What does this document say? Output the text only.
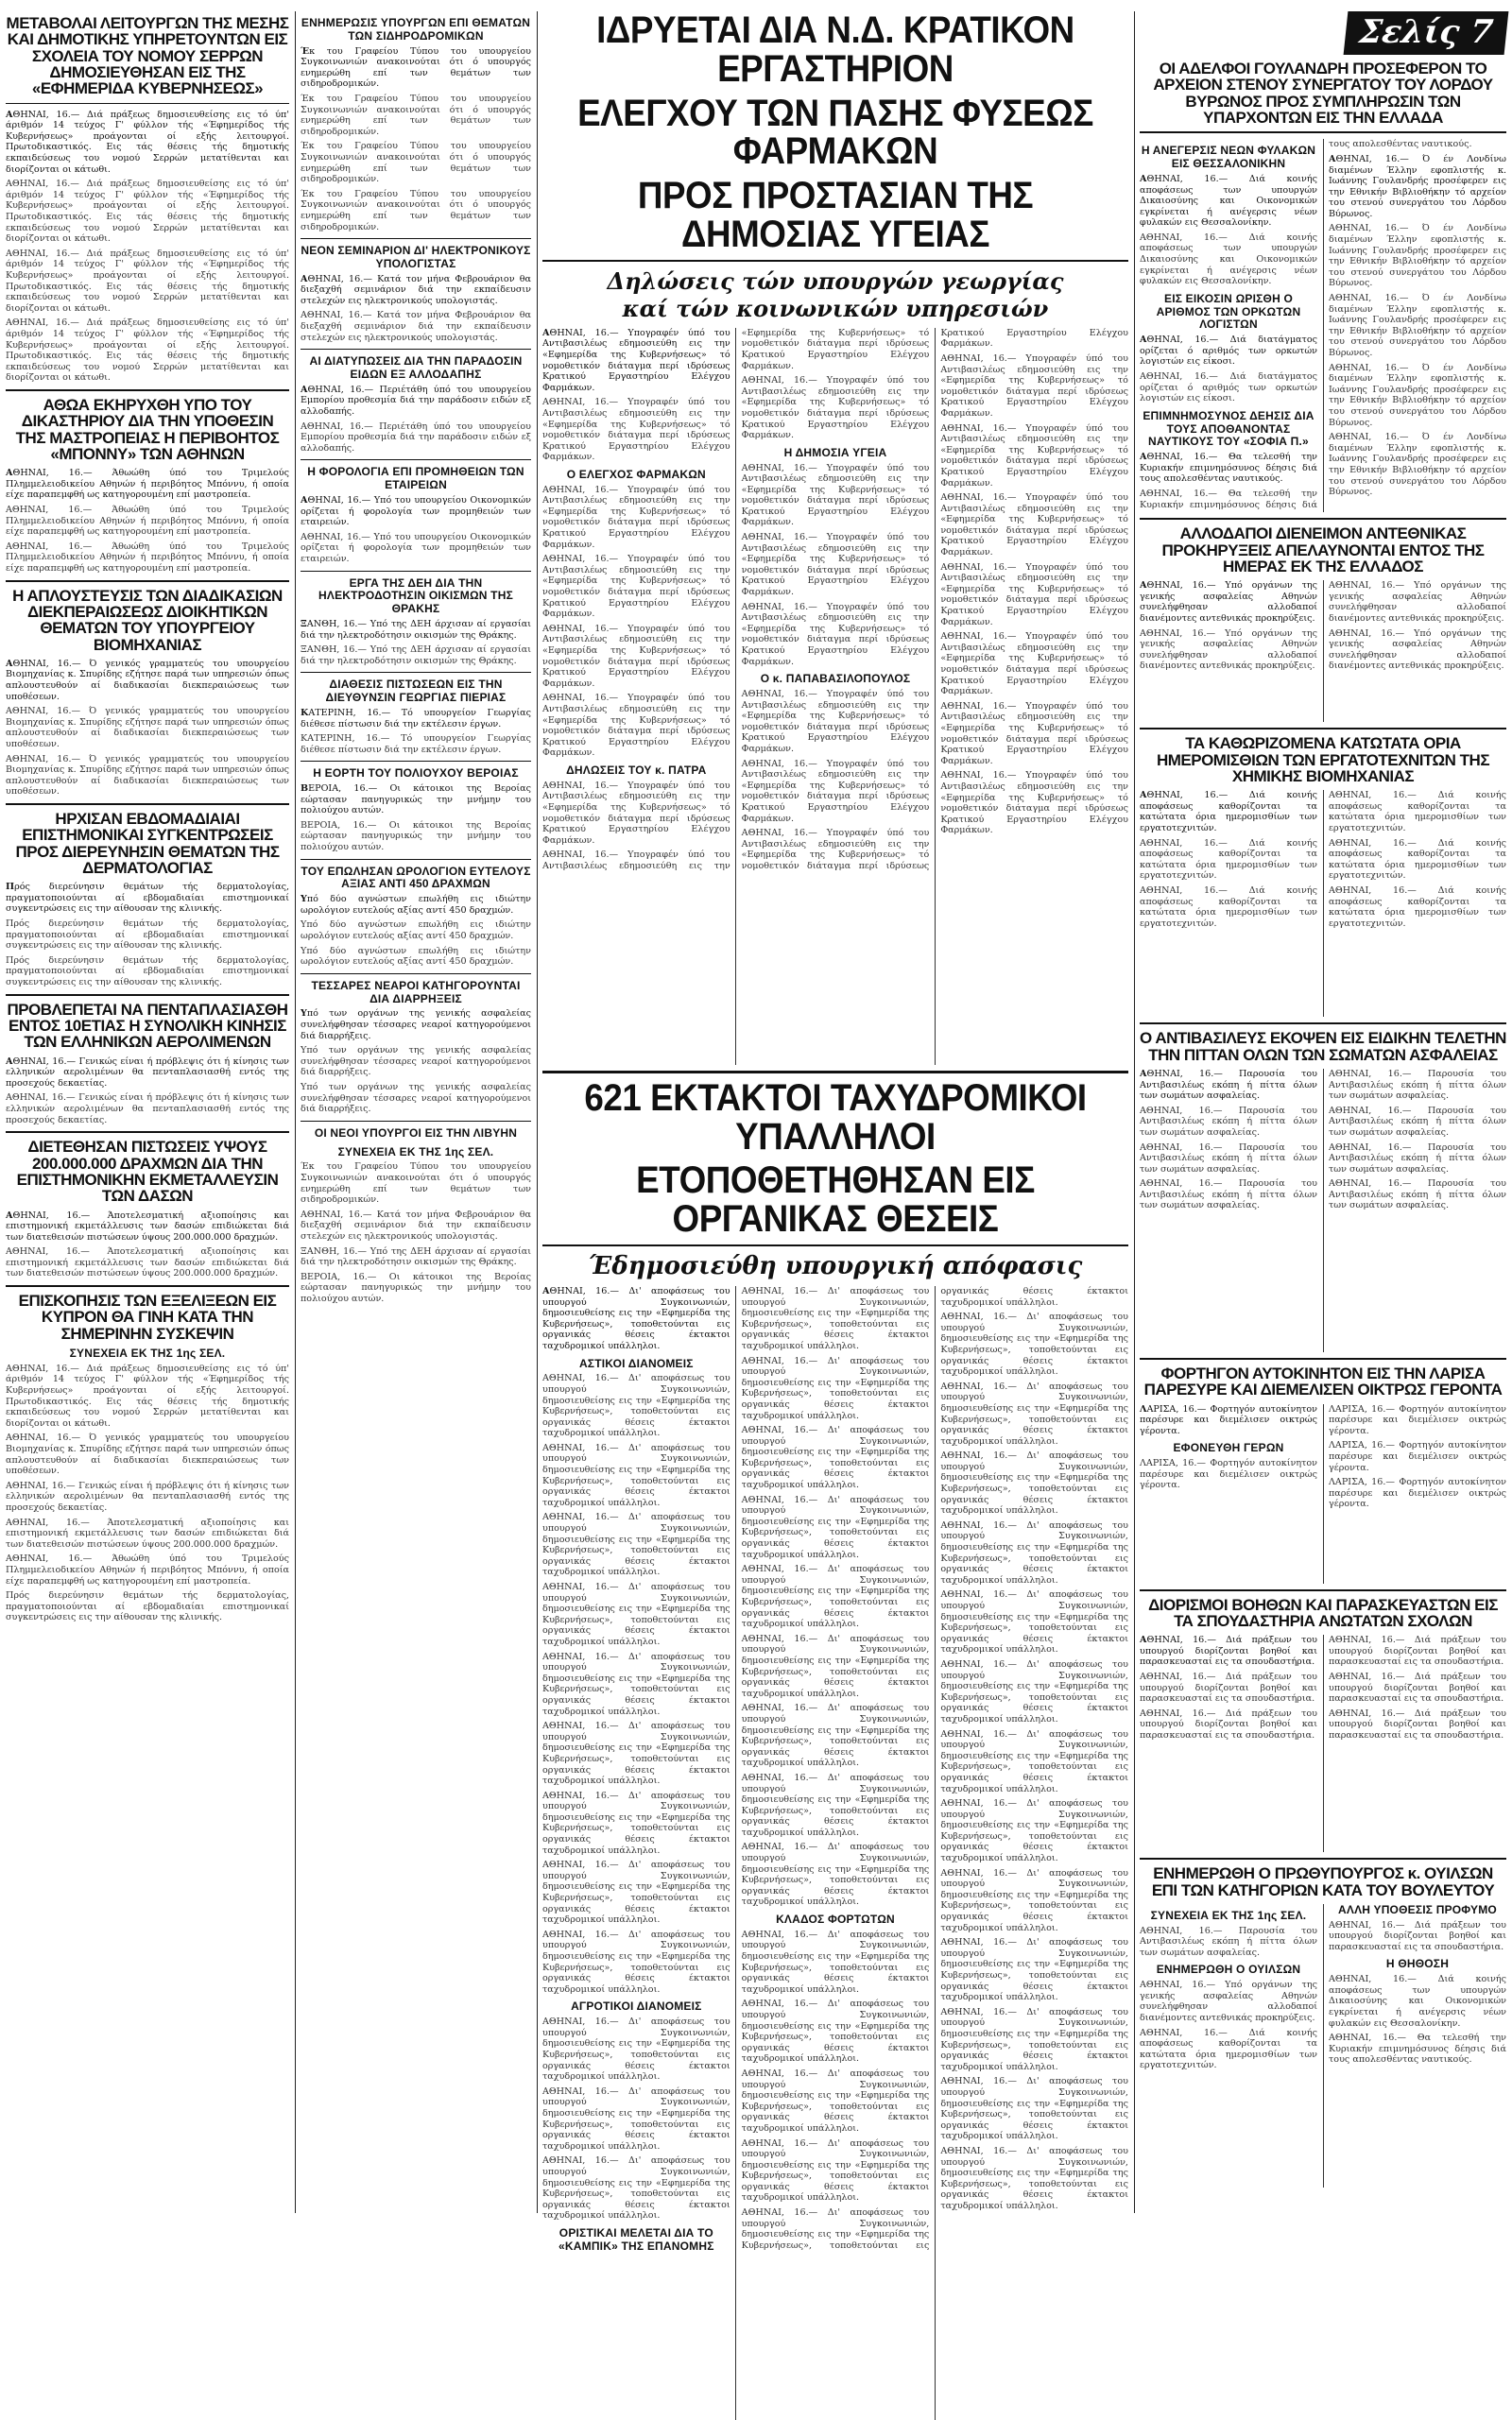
ΜΕΤΑΒΟΛΑΙ ΛΕΙΤΟΥΡΓΩΝ ΤΗΣ ΜΕΣΗΣ ΚΑΙ ΔΗΜΟΤΙΚΗΣ ΥΠΗΡΕΤΟΥΝΤΩΝ ΕΙΣ ΣΧΟΛΕΙΑ ΤΟΥ ΝΟΜΟΥ ΣΕΡΡΩΝ ΔΗΜΟΣΙΕΥΘΗΣΑΝ ΕΙΣ ΤΗΣ «ΕΦΗΜΕΡΙΔΑ ΚΥΒΕΡΝΗΣΕΩΣ»

ΑΘΗΝΑΙ, 16.— Διά πράξεως δημοσιευθείσης εις τό ύπ' άριθμόν 14 τεύχος Γ' φύλλον τής «Έφημερίδος τής Κυβερνήσεως» προάγονται οί εξής λειτουργοί. Πρωτοδικαστικός. Εις τάς θέσεις τής δημοτικής εκπαιδεύσεως του νομού Σερρών μετατίθενται και διορίζονται οι κάτωθι.

ΑΘΗΝΑΙ, 16.— Διά πράξεως δημοσιευθείσης εις τό ύπ' άριθμόν 14 τεύχος Γ' φύλλον τής «Έφημερίδος τής Κυβερνήσεως» προάγονται οί εξής λειτουργοί. Πρωτοδικαστικός. Εις τάς θέσεις τής δημοτικής εκπαιδεύσεως του νομού Σερρών μετατίθενται και διορίζονται οι κάτωθι.

ΑΘΗΝΑΙ, 16.— Διά πράξεως δημοσιευθείσης εις τό ύπ' άριθμόν 14 τεύχος Γ' φύλλον τής «Έφημερίδος τής Κυβερνήσεως» προάγονται οί εξής λειτουργοί. Πρωτοδικαστικός. Εις τάς θέσεις τής δημοτικής εκπαιδεύσεως του νομού Σερρών μετατίθενται και διορίζονται οι κάτωθι.

ΑΘΗΝΑΙ, 16.— Διά πράξεως δημοσιευθείσης εις τό ύπ' άριθμόν 14 τεύχος Γ' φύλλον τής «Έφημερίδος τής Κυβερνήσεως» προάγονται οί εξής λειτουργοί. Πρωτοδικαστικός. Εις τάς θέσεις τής δημοτικής εκπαιδεύσεως του νομού Σερρών μετατίθενται και διορίζονται οι κάτωθι.

ΑΘΩΑ ΕΚΗΡΥΧΘΗ ΥΠΟ ΤΟΥ ΔΙΚΑΣΤΗΡΙΟΥ ΔΙΑ ΤΗΝ ΥΠΟΘΕΣΙΝ ΤΗΣ ΜΑΣΤΡΟΠΕΙΑΣ Η ΠΕΡΙΒΟΗΤΟΣ «ΜΠΟΝΝΥ» ΤΩΝ ΑΘΗΝΩΝ

ΑΘΗΝΑΙ, 16.— Άθωώθη ύπό του Τριμελούς Πλημμελειοδικείου Αθηνών ή περιβόητος Μπόννυ, ή οποία είχε παραπεμφθή ως κατηγορουμένη επί μαστροπεία.

ΑΘΗΝΑΙ, 16.— Άθωώθη ύπό του Τριμελούς Πλημμελειοδικείου Αθηνών ή περιβόητος Μπόννυ, ή οποία είχε παραπεμφθή ως κατηγορουμένη επί μαστροπεία.

ΑΘΗΝΑΙ, 16.— Άθωώθη ύπό του Τριμελούς Πλημμελειοδικείου Αθηνών ή περιβόητος Μπόννυ, ή οποία είχε παραπεμφθή ως κατηγορουμένη επί μαστροπεία.

Η ΑΠΛΟΥΣΤΕΥΣΙΣ ΤΩΝ ΔΙΑΔΙΚΑΣΙΩΝ ΔΙΕΚΠΕΡΑΙΩΣΕΩΣ ΔΙΟΙΚΗΤΙΚΩΝ ΘΕΜΑΤΩΝ ΤΟΥ ΥΠΟΥΡΓΕΙΟΥ ΒΙΟΜΗΧΑΝΙΑΣ

ΑΘΗΝΑΙ, 16.— Ό γενικός γραμματεύς του υπουργείου Βιομηχανίας κ. Σπυρίδης εζήτησε παρά των υπηρεσιών όπως απλουστευθούν αί διαδικασίαι διεκπεραιώσεως των υποθέσεων.

ΑΘΗΝΑΙ, 16.— Ό γενικός γραμματεύς του υπουργείου Βιομηχανίας κ. Σπυρίδης εζήτησε παρά των υπηρεσιών όπως απλουστευθούν αί διαδικασίαι διεκπεραιώσεως των υποθέσεων.

ΑΘΗΝΑΙ, 16.— Ό γενικός γραμματεύς του υπουργείου Βιομηχανίας κ. Σπυρίδης εζήτησε παρά των υπηρεσιών όπως απλουστευθούν αί διαδικασίαι διεκπεραιώσεως των υποθέσεων.

ΗΡΧΙΣΑΝ ΕΒΔΟΜΑΔΙΑΙΑΙ ΕΠΙΣΤΗΜΟΝΙΚΑΙ ΣΥΓΚΕΝΤΡΩΣΕΙΣ ΠΡΟΣ ΔΙΕΡΕΥΝΗΣΙΝ ΘΕΜΑΤΩΝ ΤΗΣ ΔΕΡΜΑΤΟΛΟΓΙΑΣ

Πρός διερεύνησιν θεμάτων τής δερματολογίας, πραγματοποιούνται αί εβδομαδιαίαι επιστημονικαί συγκεντρώσεις εις την αίθουσαν της κλινικής.

Πρός διερεύνησιν θεμάτων τής δερματολογίας, πραγματοποιούνται αί εβδομαδιαίαι επιστημονικαί συγκεντρώσεις εις την αίθουσαν της κλινικής.

Πρός διερεύνησιν θεμάτων τής δερματολογίας, πραγματοποιούνται αί εβδομαδιαίαι επιστημονικαί συγκεντρώσεις εις την αίθουσαν της κλινικής.

ΠΡΟΒΛΕΠΕΤΑΙ ΝΑ ΠΕΝΤΑΠΛΑΣΙΑΣΘΗ ΕΝΤΟΣ 10ΕΤΙΑΣ Η ΣΥΝΟΛΙΚΗ ΚΙΝΗΣΙΣ ΤΩΝ ΕΛΛΗΝΙΚΩΝ ΑΕΡΟΛΙΜΕΝΩΝ

ΑΘΗΝΑΙ, 16.— Γενικώς είναι ή πρόβλεψις ότι ή κίνησις των ελληνικών αερολιμένων θα πενταπλασιασθή εντός της προσεχούς δεκαετίας.

ΑΘΗΝΑΙ, 16.— Γενικώς είναι ή πρόβλεψις ότι ή κίνησις των ελληνικών αερολιμένων θα πενταπλασιασθή εντός της προσεχούς δεκαετίας.

ΔΙΕΤΕΘΗΣΑΝ ΠΙΣΤΩΣΕΙΣ ΥΨΟΥΣ 200.000.000 ΔΡΑΧΜΩΝ ΔΙΑ ΤΗΝ ΕΠΙΣΤΗΜΟΝΙΚΗΝ ΕΚΜΕΤΑΛΛΕΥΣΙΝ ΤΩΝ ΔΑΣΩΝ

ΑΘΗΝΑΙ, 16.— Άποτελεσματική αξιοποίησις και επιστημονική εκμετάλλευσις των δασών επιδιώκεται διά των διατεθεισών πιστώσεων ύψους 200.000.000 δραχμών.

ΑΘΗΝΑΙ, 16.— Άποτελεσματική αξιοποίησις και επιστημονική εκμετάλλευσις των δασών επιδιώκεται διά των διατεθεισών πιστώσεων ύψους 200.000.000 δραχμών.

ΕΠΙΣΚΟΠΗΣΙΣ ΤΩΝ ΕΞΕΛΙΞΕΩΝ ΕΙΣ ΚΥΠΡΟΝ ΘΑ ΓΙΝΗ ΚΑΤΑ ΤΗΝ ΣΗΜΕΡΙΝΗΝ ΣΥΣΚΕΨΙΝ
ΣΥΝΕΧΕΙΑ ΕΚ ΤΗΣ 1ης ΣΕΛ.

ΑΘΗΝΑΙ, 16.— Διά πράξεως δημοσιευθείσης εις τό ύπ' άριθμόν 14 τεύχος Γ' φύλλον τής «Έφημερίδος τής Κυβερνήσεως» προάγονται οί εξής λειτουργοί. Πρωτοδικαστικός. Εις τάς θέσεις τής δημοτικής εκπαιδεύσεως του νομού Σερρών μετατίθενται και διορίζονται οι κάτωθι.

ΑΘΗΝΑΙ, 16.— Ό γενικός γραμματεύς του υπουργείου Βιομηχανίας κ. Σπυρίδης εζήτησε παρά των υπηρεσιών όπως απλουστευθούν αί διαδικασίαι διεκπεραιώσεως των υποθέσεων.

ΑΘΗΝΑΙ, 16.— Γενικώς είναι ή πρόβλεψις ότι ή κίνησις των ελληνικών αερολιμένων θα πενταπλασιασθή εντός της προσεχούς δεκαετίας.

ΑΘΗΝΑΙ, 16.— Άποτελεσματική αξιοποίησις και επιστημονική εκμετάλλευσις των δασών επιδιώκεται διά των διατεθεισών πιστώσεων ύψους 200.000.000 δραχμών.

ΑΘΗΝΑΙ, 16.— Άθωώθη ύπό του Τριμελούς Πλημμελειοδικείου Αθηνών ή περιβόητος Μπόννυ, ή οποία είχε παραπεμφθή ως κατηγορουμένη επί μαστροπεία.

Πρός διερεύνησιν θεμάτων τής δερματολογίας, πραγματοποιούνται αί εβδομαδιαίαι επιστημονικαί συγκεντρώσεις εις την αίθουσαν της κλινικής.

ΕΝΗΜΕΡΩΣΙΣ ΥΠΟΥΡΓΩΝ ΕΠΙ ΘΕΜΑΤΩΝ ΤΩΝ ΣΙΔΗΡΟΔΡΟΜΙΚΩΝ

Έκ του Γραφείου Τύπου του υπουργείου Συγκοινωνιών ανακοινούται ότι ό υπουργός ενημερώθη επί των θεμάτων των σιδηροδρομικών.

Έκ του Γραφείου Τύπου του υπουργείου Συγκοινωνιών ανακοινούται ότι ό υπουργός ενημερώθη επί των θεμάτων των σιδηροδρομικών.

Έκ του Γραφείου Τύπου του υπουργείου Συγκοινωνιών ανακοινούται ότι ό υπουργός ενημερώθη επί των θεμάτων των σιδηροδρομικών.

Έκ του Γραφείου Τύπου του υπουργείου Συγκοινωνιών ανακοινούται ότι ό υπουργός ενημερώθη επί των θεμάτων των σιδηροδρομικών.

ΝΕΟΝ ΣΕΜΙΝΑΡΙΟΝ ΔΙ' ΗΛΕΚΤΡΟΝΙΚΟΥΣ ΥΠΟΛΟΓΙΣΤΑΣ

ΑΘΗΝΑΙ, 16.— Κατά τον μήνα Φεβρουάριον θα διεξαχθή σεμινάριον διά την εκπαίδευσιν στελεχών εις ηλεκτρονικούς υπολογιστάς.

ΑΘΗΝΑΙ, 16.— Κατά τον μήνα Φεβρουάριον θα διεξαχθή σεμινάριον διά την εκπαίδευσιν στελεχών εις ηλεκτρονικούς υπολογιστάς.

ΑΙ ΔΙΑΤΥΠΩΣΕΙΣ ΔΙΑ ΤΗΝ ΠΑΡΑΔΟΣΙΝ ΕΙΔΩΝ ΕΞ ΑΛΛΟΔΑΠΗΣ

ΑΘΗΝΑΙ, 16.— Περιέτάθη ύπό του υπουργείου Εμπορίου προθεσμία διά την παράδοσιν ειδών εξ αλλοδαπής.

ΑΘΗΝΑΙ, 16.— Περιέτάθη ύπό του υπουργείου Εμπορίου προθεσμία διά την παράδοσιν ειδών εξ αλλοδαπής.

Η ΦΟΡΟΛΟΓΙΑ ΕΠΙ ΠΡΟΜΗΘΕΙΩΝ ΤΩΝ ΕΤΑΙΡΕΙΩΝ

ΑΘΗΝΑΙ, 16.— Υπό του υπουργείου Οικονομικών ορίζεται ή φορολογία των προμηθειών των εταιρειών.

ΑΘΗΝΑΙ, 16.— Υπό του υπουργείου Οικονομικών ορίζεται ή φορολογία των προμηθειών των εταιρειών.

ΕΡΓΑ ΤΗΣ ΔΕΗ ΔΙΑ ΤΗΝ ΗΛΕΚΤΡΟΔΟΤΗΣΙΝ ΟΙΚΙΣΜΩΝ ΤΗΣ ΘΡΑΚΗΣ

ΞΑΝΘΗ, 16.— Υπό της ΔΕΗ άρχισαν αί εργασίαι διά την ηλεκτροδότησιν οικισμών της Θράκης.

ΞΑΝΘΗ, 16.— Υπό της ΔΕΗ άρχισαν αί εργασίαι διά την ηλεκτροδότησιν οικισμών της Θράκης.

ΔΙΑΘΕΣΙΣ ΠΙΣΤΩΣΕΩΝ ΕΙΣ ΤΗΝ ΔΙΕΥΘΥΝΣΙΝ ΓΕΩΡΓΙΑΣ ΠΙΕΡΙΑΣ

ΚΑΤΕΡΙΝΗ, 16.— Τό υπουργείον Γεωργίας διέθεσε πίστωσιν διά την εκτέλεσιν έργων.

ΚΑΤΕΡΙΝΗ, 16.— Τό υπουργείον Γεωργίας διέθεσε πίστωσιν διά την εκτέλεσιν έργων.

Η ΕΟΡΤΗ ΤΟΥ ΠΟΛΙΟΥΧΟΥ ΒΕΡΟΙΑΣ

ΒΕΡΟΙΑ, 16.— Οι κάτοικοι της Βεροίας εώρτασαν πανηγυρικώς την μνήμην του πολιούχου αυτών.

ΒΕΡΟΙΑ, 16.— Οι κάτοικοι της Βεροίας εώρτασαν πανηγυρικώς την μνήμην του πολιούχου αυτών.

ΤΟΥ ΕΠΩΛΗΣΑΝ ΩΡΟΛΟΓΙΟΝ ΕΥΤΕΛΟΥΣ ΑΞΙΑΣ ΑΝΤΙ 450 ΔΡΑΧΜΩΝ

Υπό δύο αγνώστων επωλήθη εις ιδιώτην ωρολόγιον ευτελούς αξίας αντί 450 δραχμών.

Υπό δύο αγνώστων επωλήθη εις ιδιώτην ωρολόγιον ευτελούς αξίας αντί 450 δραχμών.

Υπό δύο αγνώστων επωλήθη εις ιδιώτην ωρολόγιον ευτελούς αξίας αντί 450 δραχμών.

ΤΕΣΣΑΡΕΣ ΝΕΑΡΟΙ ΚΑΤΗΓΟΡΟΥΝΤΑΙ ΔΙΑ ΔΙΑΡΡΗΞΕΙΣ

Υπό των οργάνων της γενικής ασφαλείας συνελήφθησαν τέσσαρες νεαροί κατηγορούμενοι διά διαρρήξεις.

Υπό των οργάνων της γενικής ασφαλείας συνελήφθησαν τέσσαρες νεαροί κατηγορούμενοι διά διαρρήξεις.

Υπό των οργάνων της γενικής ασφαλείας συνελήφθησαν τέσσαρες νεαροί κατηγορούμενοι διά διαρρήξεις.

ΟΙ ΝΕΟΙ ΥΠΟΥΡΓΟΙ ΕΙΣ ΤΗΝ ΛΙΒΥΗΝ
ΣΥΝΕΧΕΙΑ ΕΚ ΤΗΣ 1ης ΣΕΛ.

Έκ του Γραφείου Τύπου του υπουργείου Συγκοινωνιών ανακοινούται ότι ό υπουργός ενημερώθη επί των θεμάτων των σιδηροδρομικών.

ΑΘΗΝΑΙ, 16.— Κατά τον μήνα Φεβρουάριον θα διεξαχθή σεμινάριον διά την εκπαίδευσιν στελεχών εις ηλεκτρονικούς υπολογιστάς.

ΞΑΝΘΗ, 16.— Υπό της ΔΕΗ άρχισαν αί εργασίαι διά την ηλεκτροδότησιν οικισμών της Θράκης.

ΒΕΡΟΙΑ, 16.— Οι κάτοικοι της Βεροίας εώρτασαν πανηγυρικώς την μνήμην του πολιούχου αυτών.

ΙΔΡΥΕΤΑΙ ΔΙΑ Ν.Δ. ΚΡΑΤΙΚΟΝ ΕΡΓΑΣΤΗΡΙΟΝ
ΕΛΕΓΧΟΥ ΤΩΝ ΠΑΣΗΣ ΦΥΣΕΩΣ ΦΑΡΜΑΚΩΝ
ΠΡΟΣ ΠΡΟΣΤΑΣΙΑΝ ΤΗΣ ΔΗΜΟΣΙΑΣ ΥΓΕΙΑΣ
Δηλώσεις τών υπουργών γεωργίας
καί τών κοινωνικών υπηρεσιών

ΑΘΗΝΑΙ, 16.— Υπογραφέν ύπό του Αντιβασιλέως εδημοσιεύθη εις την «Εφημερίδα της Κυβερνήσεως» τό νομοθετικόν διάταγμα περί ιδρύσεως Κρατικού Εργαστηρίου Ελέγχου Φαρμάκων.

ΑΘΗΝΑΙ, 16.— Υπογραφέν ύπό του Αντιβασιλέως εδημοσιεύθη εις την «Εφημερίδα της Κυβερνήσεως» τό νομοθετικόν διάταγμα περί ιδρύσεως Κρατικού Εργαστηρίου Ελέγχου Φαρμάκων.

Ο ΕΛΕΓΧΟΣ ΦΑΡΜΑΚΩΝ

ΑΘΗΝΑΙ, 16.— Υπογραφέν ύπό του Αντιβασιλέως εδημοσιεύθη εις την «Εφημερίδα της Κυβερνήσεως» τό νομοθετικόν διάταγμα περί ιδρύσεως Κρατικού Εργαστηρίου Ελέγχου Φαρμάκων.

ΑΘΗΝΑΙ, 16.— Υπογραφέν ύπό του Αντιβασιλέως εδημοσιεύθη εις την «Εφημερίδα της Κυβερνήσεως» τό νομοθετικόν διάταγμα περί ιδρύσεως Κρατικού Εργαστηρίου Ελέγχου Φαρμάκων.

ΑΘΗΝΑΙ, 16.— Υπογραφέν ύπό του Αντιβασιλέως εδημοσιεύθη εις την «Εφημερίδα της Κυβερνήσεως» τό νομοθετικόν διάταγμα περί ιδρύσεως Κρατικού Εργαστηρίου Ελέγχου Φαρμάκων.

ΑΘΗΝΑΙ, 16.— Υπογραφέν ύπό του Αντιβασιλέως εδημοσιεύθη εις την «Εφημερίδα της Κυβερνήσεως» τό νομοθετικόν διάταγμα περί ιδρύσεως Κρατικού Εργαστηρίου Ελέγχου Φαρμάκων.

ΔΗΛΩΣΕΙΣ ΤΟΥ κ. ΠΑΤΡΑ

ΑΘΗΝΑΙ, 16.— Υπογραφέν ύπό του Αντιβασιλέως εδημοσιεύθη εις την «Εφημερίδα της Κυβερνήσεως» τό νομοθετικόν διάταγμα περί ιδρύσεως Κρατικού Εργαστηρίου Ελέγχου Φαρμάκων.

ΑΘΗΝΑΙ, 16.— Υπογραφέν ύπό του Αντιβασιλέως εδημοσιεύθη εις την «Εφημερίδα της Κυβερνήσεως» τό νομοθετικόν διάταγμα περί ιδρύσεως Κρατικού Εργαστηρίου Ελέγχου Φαρμάκων.

ΑΘΗΝΑΙ, 16.— Υπογραφέν ύπό του Αντιβασιλέως εδημοσιεύθη εις την «Εφημερίδα της Κυβερνήσεως» τό νομοθετικόν διάταγμα περί ιδρύσεως Κρατικού Εργαστηρίου Ελέγχου Φαρμάκων.

Η ΔΗΜΟΣΙΑ ΥΓΕΙΑ

ΑΘΗΝΑΙ, 16.— Υπογραφέν ύπό του Αντιβασιλέως εδημοσιεύθη εις την «Εφημερίδα της Κυβερνήσεως» τό νομοθετικόν διάταγμα περί ιδρύσεως Κρατικού Εργαστηρίου Ελέγχου Φαρμάκων.

ΑΘΗΝΑΙ, 16.— Υπογραφέν ύπό του Αντιβασιλέως εδημοσιεύθη εις την «Εφημερίδα της Κυβερνήσεως» τό νομοθετικόν διάταγμα περί ιδρύσεως Κρατικού Εργαστηρίου Ελέγχου Φαρμάκων.

ΑΘΗΝΑΙ, 16.— Υπογραφέν ύπό του Αντιβασιλέως εδημοσιεύθη εις την «Εφημερίδα της Κυβερνήσεως» τό νομοθετικόν διάταγμα περί ιδρύσεως Κρατικού Εργαστηρίου Ελέγχου Φαρμάκων.

Ο κ. ΠΑΠΑΒΑΣΙΛΟΠΟΥΛΟΣ

ΑΘΗΝΑΙ, 16.— Υπογραφέν ύπό του Αντιβασιλέως εδημοσιεύθη εις την «Εφημερίδα της Κυβερνήσεως» τό νομοθετικόν διάταγμα περί ιδρύσεως Κρατικού Εργαστηρίου Ελέγχου Φαρμάκων.

ΑΘΗΝΑΙ, 16.— Υπογραφέν ύπό του Αντιβασιλέως εδημοσιεύθη εις την «Εφημερίδα της Κυβερνήσεως» τό νομοθετικόν διάταγμα περί ιδρύσεως Κρατικού Εργαστηρίου Ελέγχου Φαρμάκων.

ΑΘΗΝΑΙ, 16.— Υπογραφέν ύπό του Αντιβασιλέως εδημοσιεύθη εις την «Εφημερίδα της Κυβερνήσεως» τό νομοθετικόν διάταγμα περί ιδρύσεως Κρατικού Εργαστηρίου Ελέγχου Φαρμάκων.

ΑΘΗΝΑΙ, 16.— Υπογραφέν ύπό του Αντιβασιλέως εδημοσιεύθη εις την «Εφημερίδα της Κυβερνήσεως» τό νομοθετικόν διάταγμα περί ιδρύσεως Κρατικού Εργαστηρίου Ελέγχου Φαρμάκων.

ΑΘΗΝΑΙ, 16.— Υπογραφέν ύπό του Αντιβασιλέως εδημοσιεύθη εις την «Εφημερίδα της Κυβερνήσεως» τό νομοθετικόν διάταγμα περί ιδρύσεως Κρατικού Εργαστηρίου Ελέγχου Φαρμάκων.

ΑΘΗΝΑΙ, 16.— Υπογραφέν ύπό του Αντιβασιλέως εδημοσιεύθη εις την «Εφημερίδα της Κυβερνήσεως» τό νομοθετικόν διάταγμα περί ιδρύσεως Κρατικού Εργαστηρίου Ελέγχου Φαρμάκων.

ΑΘΗΝΑΙ, 16.— Υπογραφέν ύπό του Αντιβασιλέως εδημοσιεύθη εις την «Εφημερίδα της Κυβερνήσεως» τό νομοθετικόν διάταγμα περί ιδρύσεως Κρατικού Εργαστηρίου Ελέγχου Φαρμάκων.

ΑΘΗΝΑΙ, 16.— Υπογραφέν ύπό του Αντιβασιλέως εδημοσιεύθη εις την «Εφημερίδα της Κυβερνήσεως» τό νομοθετικόν διάταγμα περί ιδρύσεως Κρατικού Εργαστηρίου Ελέγχου Φαρμάκων.

ΑΘΗΝΑΙ, 16.— Υπογραφέν ύπό του Αντιβασιλέως εδημοσιεύθη εις την «Εφημερίδα της Κυβερνήσεως» τό νομοθετικόν διάταγμα περί ιδρύσεως Κρατικού Εργαστηρίου Ελέγχου Φαρμάκων.

ΑΘΗΝΑΙ, 16.— Υπογραφέν ύπό του Αντιβασιλέως εδημοσιεύθη εις την «Εφημερίδα της Κυβερνήσεως» τό νομοθετικόν διάταγμα περί ιδρύσεως Κρατικού Εργαστηρίου Ελέγχου Φαρμάκων.

621 ΕΚΤΑΚΤΟΙ ΤΑΧΥΔΡΟΜΙΚΟΙ ΥΠΑΛΛΗΛΟΙ
ΕΤΟΠΟΘΕΤΗΘΗΣΑΝ ΕΙΣ ΟΡΓΑΝΙΚΑΣ ΘΕΣΕΙΣ
Έδημοσιεύθη υπουργική απόφασις

ΑΘΗΝΑΙ, 16.— Δι' αποφάσεως του υπουργού Συγκοινωνιών, δημοσιευθείσης εις την «Εφημερίδα της Κυβερνήσεως», τοποθετούνται εις οργανικάς θέσεις έκτακτοι ταχυδρομικοί υπάλληλοι.

ΑΣΤΙΚΟΙ ΔΙΑΝΟΜΕΙΣ

ΑΘΗΝΑΙ, 16.— Δι' αποφάσεως του υπουργού Συγκοινωνιών, δημοσιευθείσης εις την «Εφημερίδα της Κυβερνήσεως», τοποθετούνται εις οργανικάς θέσεις έκτακτοι ταχυδρομικοί υπάλληλοι.

ΑΘΗΝΑΙ, 16.— Δι' αποφάσεως του υπουργού Συγκοινωνιών, δημοσιευθείσης εις την «Εφημερίδα της Κυβερνήσεως», τοποθετούνται εις οργανικάς θέσεις έκτακτοι ταχυδρομικοί υπάλληλοι.

ΑΘΗΝΑΙ, 16.— Δι' αποφάσεως του υπουργού Συγκοινωνιών, δημοσιευθείσης εις την «Εφημερίδα της Κυβερνήσεως», τοποθετούνται εις οργανικάς θέσεις έκτακτοι ταχυδρομικοί υπάλληλοι.

ΑΘΗΝΑΙ, 16.— Δι' αποφάσεως του υπουργού Συγκοινωνιών, δημοσιευθείσης εις την «Εφημερίδα της Κυβερνήσεως», τοποθετούνται εις οργανικάς θέσεις έκτακτοι ταχυδρομικοί υπάλληλοι.

ΑΘΗΝΑΙ, 16.— Δι' αποφάσεως του υπουργού Συγκοινωνιών, δημοσιευθείσης εις την «Εφημερίδα της Κυβερνήσεως», τοποθετούνται εις οργανικάς θέσεις έκτακτοι ταχυδρομικοί υπάλληλοι.

ΑΘΗΝΑΙ, 16.— Δι' αποφάσεως του υπουργού Συγκοινωνιών, δημοσιευθείσης εις την «Εφημερίδα της Κυβερνήσεως», τοποθετούνται εις οργανικάς θέσεις έκτακτοι ταχυδρομικοί υπάλληλοι.

ΑΘΗΝΑΙ, 16.— Δι' αποφάσεως του υπουργού Συγκοινωνιών, δημοσιευθείσης εις την «Εφημερίδα της Κυβερνήσεως», τοποθετούνται εις οργανικάς θέσεις έκτακτοι ταχυδρομικοί υπάλληλοι.

ΑΘΗΝΑΙ, 16.— Δι' αποφάσεως του υπουργού Συγκοινωνιών, δημοσιευθείσης εις την «Εφημερίδα της Κυβερνήσεως», τοποθετούνται εις οργανικάς θέσεις έκτακτοι ταχυδρομικοί υπάλληλοι.

ΑΘΗΝΑΙ, 16.— Δι' αποφάσεως του υπουργού Συγκοινωνιών, δημοσιευθείσης εις την «Εφημερίδα της Κυβερνήσεως», τοποθετούνται εις οργανικάς θέσεις έκτακτοι ταχυδρομικοί υπάλληλοι.

ΑΓΡΟΤΙΚΟΙ ΔΙΑΝΟΜΕΙΣ

ΑΘΗΝΑΙ, 16.— Δι' αποφάσεως του υπουργού Συγκοινωνιών, δημοσιευθείσης εις την «Εφημερίδα της Κυβερνήσεως», τοποθετούνται εις οργανικάς θέσεις έκτακτοι ταχυδρομικοί υπάλληλοι.

ΑΘΗΝΑΙ, 16.— Δι' αποφάσεως του υπουργού Συγκοινωνιών, δημοσιευθείσης εις την «Εφημερίδα της Κυβερνήσεως», τοποθετούνται εις οργανικάς θέσεις έκτακτοι ταχυδρομικοί υπάλληλοι.

ΑΘΗΝΑΙ, 16.— Δι' αποφάσεως του υπουργού Συγκοινωνιών, δημοσιευθείσης εις την «Εφημερίδα της Κυβερνήσεως», τοποθετούνται εις οργανικάς θέσεις έκτακτοι ταχυδρομικοί υπάλληλοι.

ΟΡΙΣΤΙΚΑΙ ΜΕΛΕΤΑΙ ΔΙΑ ΤΟ «ΚΑΜΠΙΚ» ΤΗΣ ΕΠΑΝΟΜΗΣ

ΑΘΗΝΑΙ, 16.— Δι' αποφάσεως του υπουργού Συγκοινωνιών, δημοσιευθείσης εις την «Εφημερίδα της Κυβερνήσεως», τοποθετούνται εις οργανικάς θέσεις έκτακτοι ταχυδρομικοί υπάλληλοι.

ΑΘΗΝΑΙ, 16.— Δι' αποφάσεως του υπουργού Συγκοινωνιών, δημοσιευθείσης εις την «Εφημερίδα της Κυβερνήσεως», τοποθετούνται εις οργανικάς θέσεις έκτακτοι ταχυδρομικοί υπάλληλοι.

ΑΘΗΝΑΙ, 16.— Δι' αποφάσεως του υπουργού Συγκοινωνιών, δημοσιευθείσης εις την «Εφημερίδα της Κυβερνήσεως», τοποθετούνται εις οργανικάς θέσεις έκτακτοι ταχυδρομικοί υπάλληλοι.

ΑΘΗΝΑΙ, 16.— Δι' αποφάσεως του υπουργού Συγκοινωνιών, δημοσιευθείσης εις την «Εφημερίδα της Κυβερνήσεως», τοποθετούνται εις οργανικάς θέσεις έκτακτοι ταχυδρομικοί υπάλληλοι.

ΑΘΗΝΑΙ, 16.— Δι' αποφάσεως του υπουργού Συγκοινωνιών, δημοσιευθείσης εις την «Εφημερίδα της Κυβερνήσεως», τοποθετούνται εις οργανικάς θέσεις έκτακτοι ταχυδρομικοί υπάλληλοι.

ΑΘΗΝΑΙ, 16.— Δι' αποφάσεως του υπουργού Συγκοινωνιών, δημοσιευθείσης εις την «Εφημερίδα της Κυβερνήσεως», τοποθετούνται εις οργανικάς θέσεις έκτακτοι ταχυδρομικοί υπάλληλοι.

ΑΘΗΝΑΙ, 16.— Δι' αποφάσεως του υπουργού Συγκοινωνιών, δημοσιευθείσης εις την «Εφημερίδα της Κυβερνήσεως», τοποθετούνται εις οργανικάς θέσεις έκτακτοι ταχυδρομικοί υπάλληλοι.

ΑΘΗΝΑΙ, 16.— Δι' αποφάσεως του υπουργού Συγκοινωνιών, δημοσιευθείσης εις την «Εφημερίδα της Κυβερνήσεως», τοποθετούνται εις οργανικάς θέσεις έκτακτοι ταχυδρομικοί υπάλληλοι.

ΑΘΗΝΑΙ, 16.— Δι' αποφάσεως του υπουργού Συγκοινωνιών, δημοσιευθείσης εις την «Εφημερίδα της Κυβερνήσεως», τοποθετούνται εις οργανικάς θέσεις έκτακτοι ταχυδρομικοί υπάλληλοι.

ΚΛΑΔΟΣ ΦΟΡΤΩΤΩΝ

ΑΘΗΝΑΙ, 16.— Δι' αποφάσεως του υπουργού Συγκοινωνιών, δημοσιευθείσης εις την «Εφημερίδα της Κυβερνήσεως», τοποθετούνται εις οργανικάς θέσεις έκτακτοι ταχυδρομικοί υπάλληλοι.

ΑΘΗΝΑΙ, 16.— Δι' αποφάσεως του υπουργού Συγκοινωνιών, δημοσιευθείσης εις την «Εφημερίδα της Κυβερνήσεως», τοποθετούνται εις οργανικάς θέσεις έκτακτοι ταχυδρομικοί υπάλληλοι.

ΑΘΗΝΑΙ, 16.— Δι' αποφάσεως του υπουργού Συγκοινωνιών, δημοσιευθείσης εις την «Εφημερίδα της Κυβερνήσεως», τοποθετούνται εις οργανικάς θέσεις έκτακτοι ταχυδρομικοί υπάλληλοι.

ΑΘΗΝΑΙ, 16.— Δι' αποφάσεως του υπουργού Συγκοινωνιών, δημοσιευθείσης εις την «Εφημερίδα της Κυβερνήσεως», τοποθετούνται εις οργανικάς θέσεις έκτακτοι ταχυδρομικοί υπάλληλοι.

ΑΘΗΝΑΙ, 16.— Δι' αποφάσεως του υπουργού Συγκοινωνιών, δημοσιευθείσης εις την «Εφημερίδα της Κυβερνήσεως», τοποθετούνται εις οργανικάς θέσεις έκτακτοι ταχυδρομικοί υπάλληλοι.

ΑΘΗΝΑΙ, 16.— Δι' αποφάσεως του υπουργού Συγκοινωνιών, δημοσιευθείσης εις την «Εφημερίδα της Κυβερνήσεως», τοποθετούνται εις οργανικάς θέσεις έκτακτοι ταχυδρομικοί υπάλληλοι.

ΑΘΗΝΑΙ, 16.— Δι' αποφάσεως του υπουργού Συγκοινωνιών, δημοσιευθείσης εις την «Εφημερίδα της Κυβερνήσεως», τοποθετούνται εις οργανικάς θέσεις έκτακτοι ταχυδρομικοί υπάλληλοι.

ΑΘΗΝΑΙ, 16.— Δι' αποφάσεως του υπουργού Συγκοινωνιών, δημοσιευθείσης εις την «Εφημερίδα της Κυβερνήσεως», τοποθετούνται εις οργανικάς θέσεις έκτακτοι ταχυδρομικοί υπάλληλοι.

ΑΘΗΝΑΙ, 16.— Δι' αποφάσεως του υπουργού Συγκοινωνιών, δημοσιευθείσης εις την «Εφημερίδα της Κυβερνήσεως», τοποθετούνται εις οργανικάς θέσεις έκτακτοι ταχυδρομικοί υπάλληλοι.

ΑΘΗΝΑΙ, 16.— Δι' αποφάσεως του υπουργού Συγκοινωνιών, δημοσιευθείσης εις την «Εφημερίδα της Κυβερνήσεως», τοποθετούνται εις οργανικάς θέσεις έκτακτοι ταχυδρομικοί υπάλληλοι.

ΑΘΗΝΑΙ, 16.— Δι' αποφάσεως του υπουργού Συγκοινωνιών, δημοσιευθείσης εις την «Εφημερίδα της Κυβερνήσεως», τοποθετούνται εις οργανικάς θέσεις έκτακτοι ταχυδρομικοί υπάλληλοι.

ΑΘΗΝΑΙ, 16.— Δι' αποφάσεως του υπουργού Συγκοινωνιών, δημοσιευθείσης εις την «Εφημερίδα της Κυβερνήσεως», τοποθετούνται εις οργανικάς θέσεις έκτακτοι ταχυδρομικοί υπάλληλοι.

ΑΘΗΝΑΙ, 16.— Δι' αποφάσεως του υπουργού Συγκοινωνιών, δημοσιευθείσης εις την «Εφημερίδα της Κυβερνήσεως», τοποθετούνται εις οργανικάς θέσεις έκτακτοι ταχυδρομικοί υπάλληλοι.

ΑΘΗΝΑΙ, 16.— Δι' αποφάσεως του υπουργού Συγκοινωνιών, δημοσιευθείσης εις την «Εφημερίδα της Κυβερνήσεως», τοποθετούνται εις οργανικάς θέσεις έκτακτοι ταχυδρομικοί υπάλληλοι.

ΑΘΗΝΑΙ, 16.— Δι' αποφάσεως του υπουργού Συγκοινωνιών, δημοσιευθείσης εις την «Εφημερίδα της Κυβερνήσεως», τοποθετούνται εις οργανικάς θέσεις έκτακτοι ταχυδρομικοί υπάλληλοι.

ΑΘΗΝΑΙ, 16.— Δι' αποφάσεως του υπουργού Συγκοινωνιών, δημοσιευθείσης εις την «Εφημερίδα της Κυβερνήσεως», τοποθετούνται εις οργανικάς θέσεις έκτακτοι ταχυδρομικοί υπάλληλοι.

ΑΘΗΝΑΙ, 16.— Δι' αποφάσεως του υπουργού Συγκοινωνιών, δημοσιευθείσης εις την «Εφημερίδα της Κυβερνήσεως», τοποθετούνται εις οργανικάς θέσεις έκτακτοι ταχυδρομικοί υπάλληλοι.

ΑΘΗΝΑΙ, 16.— Δι' αποφάσεως του υπουργού Συγκοινωνιών, δημοσιευθείσης εις την «Εφημερίδα της Κυβερνήσεως», τοποθετούνται εις οργανικάς θέσεις έκτακτοι ταχυδρομικοί υπάλληλοι.

Σελίς 7
ΟΙ ΑΔΕΛΦΟΙ ΓΟΥΛΑΝΔΡΗ ΠΡΟΣΕΦΕΡΟΝ ΤΟ ΑΡΧΕΙΟΝ ΣΤΕΝΟΥ ΣΥΝΕΡΓΑΤΟΥ ΤΟΥ ΛΟΡΔΟΥ ΒΥΡΩΝΟΣ ΠΡΟΣ ΣΥΜΠΛΗΡΩΣΙΝ ΤΩΝ ΥΠΑΡΧΟΝΤΩΝ ΕΙΣ ΤΗΝ ΕΛΛΑΔΑ
Η ΑΝΕΓΕΡΣΙΣ ΝΕΩΝ ΦΥΛΑΚΩΝ ΕΙΣ ΘΕΣΣΑΛΟΝΙΚΗΝ

ΑΘΗΝΑΙ, 16.— Διά κοινής αποφάσεως των υπουργών Δικαιοσύνης και Οικονομικών εγκρίνεται ή ανέγερσις νέων φυλακών εις Θεσσαλονίκην.

ΑΘΗΝΑΙ, 16.— Διά κοινής αποφάσεως των υπουργών Δικαιοσύνης και Οικονομικών εγκρίνεται ή ανέγερσις νέων φυλακών εις Θεσσαλονίκην.

ΕΙΣ ΕΙΚΟΣΙΝ ΩΡΙΣΘΗ Ο ΑΡΙΘΜΟΣ ΤΩΝ ΟΡΚΩΤΩΝ ΛΟΓΙΣΤΩΝ

ΑΘΗΝΑΙ, 16.— Διά διατάγματος ορίζεται ό αριθμός των ορκωτών λογιστών εις είκοσι.

ΑΘΗΝΑΙ, 16.— Διά διατάγματος ορίζεται ό αριθμός των ορκωτών λογιστών εις είκοσι.

ΕΠΙΜΝΗΜΟΣΥΝΟΣ ΔΕΗΣΙΣ ΔΙΑ ΤΟΥΣ ΑΠΟΘΑΝΟΝΤΑΣ ΝΑΥΤΙΚΟΥΣ ΤΟΥ «ΣΟΦΙΑ Π.»

ΑΘΗΝΑΙ, 16.— Θα τελεσθή την Κυριακήν επιμνημόσυνος δέησις διά τους απολεσθέντας ναυτικούς.

ΑΘΗΝΑΙ, 16.— Θα τελεσθή την Κυριακήν επιμνημόσυνος δέησις διά τους απολεσθέντας ναυτικούς.

ΑΘΗΝΑΙ, 16.— Ό έν Λονδίνω διαμένων Έλλην εφοπλιστής κ. Ιωάννης Γουλανδρής προσέφερεν εις την Εθνικήν Βιβλιοθήκην τό αρχείον του στενού συνεργάτου του Λόρδου Βύρωνος.

ΑΘΗΝΑΙ, 16.— Ό έν Λονδίνω διαμένων Έλλην εφοπλιστής κ. Ιωάννης Γουλανδρής προσέφερεν εις την Εθνικήν Βιβλιοθήκην τό αρχείον του στενού συνεργάτου του Λόρδου Βύρωνος.

ΑΘΗΝΑΙ, 16.— Ό έν Λονδίνω διαμένων Έλλην εφοπλιστής κ. Ιωάννης Γουλανδρής προσέφερεν εις την Εθνικήν Βιβλιοθήκην τό αρχείον του στενού συνεργάτου του Λόρδου Βύρωνος.

ΑΘΗΝΑΙ, 16.— Ό έν Λονδίνω διαμένων Έλλην εφοπλιστής κ. Ιωάννης Γουλανδρής προσέφερεν εις την Εθνικήν Βιβλιοθήκην τό αρχείον του στενού συνεργάτου του Λόρδου Βύρωνος.

ΑΘΗΝΑΙ, 16.— Ό έν Λονδίνω διαμένων Έλλην εφοπλιστής κ. Ιωάννης Γουλανδρής προσέφερεν εις την Εθνικήν Βιβλιοθήκην τό αρχείον του στενού συνεργάτου του Λόρδου Βύρωνος.

ΑΛΛΟΔΑΠΟΙ ΔΙΕΝΕΙΜΟΝ ΑΝΤΕΘΝΙΚΑΣ ΠΡΟΚΗΡΥΞΕΙΣ ΑΠΕΛΑΥΝΟΝΤΑΙ ΕΝΤΟΣ ΤΗΣ ΗΜΕΡΑΣ ΕΚ ΤΗΣ ΕΛΛΑΔΟΣ

ΑΘΗΝΑΙ, 16.— Υπό οργάνων της γενικής ασφαλείας Αθηνών συνελήφθησαν αλλοδαποί διανέμοντες αντεθνικάς προκηρύξεις.

ΑΘΗΝΑΙ, 16.— Υπό οργάνων της γενικής ασφαλείας Αθηνών συνελήφθησαν αλλοδαποί διανέμοντες αντεθνικάς προκηρύξεις.

ΑΘΗΝΑΙ, 16.— Υπό οργάνων της γενικής ασφαλείας Αθηνών συνελήφθησαν αλλοδαποί διανέμοντες αντεθνικάς προκηρύξεις.

ΑΘΗΝΑΙ, 16.— Υπό οργάνων της γενικής ασφαλείας Αθηνών συνελήφθησαν αλλοδαποί διανέμοντες αντεθνικάς προκηρύξεις.

ΤΑ ΚΑΘΩΡΙΖΟΜΕΝΑ ΚΑΤΩΤΑΤΑ ΟΡΙΑ ΗΜΕΡΟΜΙΣΘΙΩΝ ΤΩΝ ΕΡΓΑΤΟΤΕΧΝΙΤΩΝ ΤΗΣ ΧΗΜΙΚΗΣ ΒΙΟΜΗΧΑΝΙΑΣ

ΑΘΗΝΑΙ, 16.— Διά κοινής αποφάσεως καθορίζονται τα κατώτατα όρια ημερομισθίων των εργατοτεχνιτών.

ΑΘΗΝΑΙ, 16.— Διά κοινής αποφάσεως καθορίζονται τα κατώτατα όρια ημερομισθίων των εργατοτεχνιτών.

ΑΘΗΝΑΙ, 16.— Διά κοινής αποφάσεως καθορίζονται τα κατώτατα όρια ημερομισθίων των εργατοτεχνιτών.

ΑΘΗΝΑΙ, 16.— Διά κοινής αποφάσεως καθορίζονται τα κατώτατα όρια ημερομισθίων των εργατοτεχνιτών.

ΑΘΗΝΑΙ, 16.— Διά κοινής αποφάσεως καθορίζονται τα κατώτατα όρια ημερομισθίων των εργατοτεχνιτών.

ΑΘΗΝΑΙ, 16.— Διά κοινής αποφάσεως καθορίζονται τα κατώτατα όρια ημερομισθίων των εργατοτεχνιτών.

Ο ΑΝΤΙΒΑΣΙΛΕΥΣ ΕΚΟΨΕΝ ΕΙΣ ΕΙΔΙΚΗΝ ΤΕΛΕΤΗΝ ΤΗΝ ΠΙΤΤΑΝ ΟΛΩΝ ΤΩΝ ΣΩΜΑΤΩΝ ΑΣΦΑΛΕΙΑΣ

ΑΘΗΝΑΙ, 16.— Παρουσία του Αντιβασιλέως εκόπη ή πίττα όλων των σωμάτων ασφαλείας.

ΑΘΗΝΑΙ, 16.— Παρουσία του Αντιβασιλέως εκόπη ή πίττα όλων των σωμάτων ασφαλείας.

ΑΘΗΝΑΙ, 16.— Παρουσία του Αντιβασιλέως εκόπη ή πίττα όλων των σωμάτων ασφαλείας.

ΑΘΗΝΑΙ, 16.— Παρουσία του Αντιβασιλέως εκόπη ή πίττα όλων των σωμάτων ασφαλείας.

ΑΘΗΝΑΙ, 16.— Παρουσία του Αντιβασιλέως εκόπη ή πίττα όλων των σωμάτων ασφαλείας.

ΑΘΗΝΑΙ, 16.— Παρουσία του Αντιβασιλέως εκόπη ή πίττα όλων των σωμάτων ασφαλείας.

ΑΘΗΝΑΙ, 16.— Παρουσία του Αντιβασιλέως εκόπη ή πίττα όλων των σωμάτων ασφαλείας.

ΑΘΗΝΑΙ, 16.— Παρουσία του Αντιβασιλέως εκόπη ή πίττα όλων των σωμάτων ασφαλείας.

ΦΟΡΤΗΓΟΝ ΑΥΤΟΚΙΝΗΤΟΝ ΕΙΣ ΤΗΝ ΛΑΡΙΣΑ ΠΑΡΕΣΥΡΕ ΚΑΙ ΔΙΕΜΕΛΙΣΕΝ ΟΙΚΤΡΩΣ ΓΕΡΟΝΤΑ

ΛΑΡΙΣΑ, 16.— Φορτηγόν αυτοκίνητον παρέσυρε και διεμέλισεν οικτρώς γέροντα.

ΕΦΟΝΕΥΘΗ ΓΕΡΩΝ

ΛΑΡΙΣΑ, 16.— Φορτηγόν αυτοκίνητον παρέσυρε και διεμέλισεν οικτρώς γέροντα.

ΛΑΡΙΣΑ, 16.— Φορτηγόν αυτοκίνητον παρέσυρε και διεμέλισεν οικτρώς γέροντα.

ΛΑΡΙΣΑ, 16.— Φορτηγόν αυτοκίνητον παρέσυρε και διεμέλισεν οικτρώς γέροντα.

ΛΑΡΙΣΑ, 16.— Φορτηγόν αυτοκίνητον παρέσυρε και διεμέλισεν οικτρώς γέροντα.

ΔΙΟΡΙΣΜΟΙ ΒΟΗΘΩΝ ΚΑΙ ΠΑΡΑΣΚΕΥΑΣΤΩΝ ΕΙΣ ΤΑ ΣΠΟΥΔΑΣΤΗΡΙΑ ΑΝΩΤΑΤΩΝ ΣΧΟΛΩΝ

ΑΘΗΝΑΙ, 16.— Διά πράξεων του υπουργού διορίζονται βοηθοί και παρασκευασταί εις τα σπουδαστήρια.

ΑΘΗΝΑΙ, 16.— Διά πράξεων του υπουργού διορίζονται βοηθοί και παρασκευασταί εις τα σπουδαστήρια.

ΑΘΗΝΑΙ, 16.— Διά πράξεων του υπουργού διορίζονται βοηθοί και παρασκευασταί εις τα σπουδαστήρια.

ΑΘΗΝΑΙ, 16.— Διά πράξεων του υπουργού διορίζονται βοηθοί και παρασκευασταί εις τα σπουδαστήρια.

ΑΘΗΝΑΙ, 16.— Διά πράξεων του υπουργού διορίζονται βοηθοί και παρασκευασταί εις τα σπουδαστήρια.

ΑΘΗΝΑΙ, 16.— Διά πράξεων του υπουργού διορίζονται βοηθοί και παρασκευασταί εις τα σπουδαστήρια.

ΕΝΗΜΕΡΩΘΗ Ο ΠΡΩΘΥΠΟΥΡΓΟΣ κ. ΟΥΙΛΣΩΝ ΕΠΙ ΤΩΝ ΚΑΤΗΓΟΡΙΩΝ ΚΑΤΑ ΤΟΥ ΒΟΥΛΕΥΤΟΥ
ΣΥΝΕΧΕΙΑ ΕΚ ΤΗΣ 1ης ΣΕΛ.

ΑΘΗΝΑΙ, 16.— Παρουσία του Αντιβασιλέως εκόπη ή πίττα όλων των σωμάτων ασφαλείας.

ΕΝΗΜΕΡΩΘΗ Ο ΟΥΙΛΣΩΝ

ΑΘΗΝΑΙ, 16.— Υπό οργάνων της γενικής ασφαλείας Αθηνών συνελήφθησαν αλλοδαποί διανέμοντες αντεθνικάς προκηρύξεις.

ΑΘΗΝΑΙ, 16.— Διά κοινής αποφάσεως καθορίζονται τα κατώτατα όρια ημερομισθίων των εργατοτεχνιτών.

ΑΛΛΗ ΥΠΟΘΕΣΙΣ ΠΡΟΦΥΜΟ

ΑΘΗΝΑΙ, 16.— Διά πράξεων του υπουργού διορίζονται βοηθοί και παρασκευασταί εις τα σπουδαστήρια.

Η ΘΗΘΟΣΗ

ΑΘΗΝΑΙ, 16.— Διά κοινής αποφάσεως των υπουργών Δικαιοσύνης και Οικονομικών εγκρίνεται ή ανέγερσις νέων φυλακών εις Θεσσαλονίκην.

ΑΘΗΝΑΙ, 16.— Θα τελεσθή την Κυριακήν επιμνημόσυνος δέησις διά τους απολεσθέντας ναυτικούς.
